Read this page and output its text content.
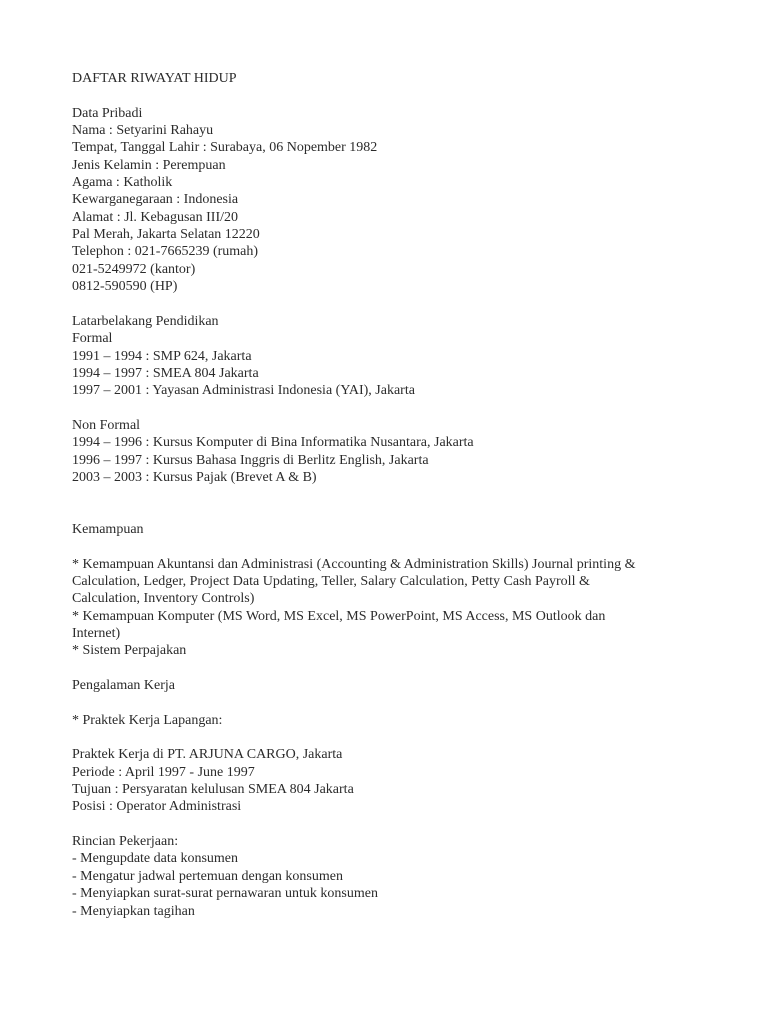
DAFTAR RIWAYAT HIDUP
Data Pribadi
Nama : Setyarini Rahayu
Tempat, Tanggal Lahir : Surabaya, 06 Nopember 1982
Jenis Kelamin : Perempuan
Agama : Katholik
Kewarganegaraan : Indonesia
Alamat : Jl. Kebagusan III/20
Pal Merah, Jakarta Selatan 12220
Telephon : 021-7665239 (rumah)
021-5249972 (kantor)
0812-590590 (HP)
Latarbelakang Pendidikan
Formal
1991 – 1994 : SMP 624, Jakarta
1994 – 1997 : SMEA 804 Jakarta
1997 – 2001 : Yayasan Administrasi Indonesia (YAI), Jakarta
Non Formal
1994 – 1996 : Kursus Komputer di Bina Informatika Nusantara, Jakarta
1996 – 1997 : Kursus Bahasa Inggris di Berlitz English, Jakarta
2003 – 2003 : Kursus Pajak (Brevet A & B)
Kemampuan
* Kemampuan Akuntansi dan Administrasi (Accounting & Administration Skills) Journal printing &
Calculation, Ledger, Project Data Updating, Teller, Salary Calculation, Petty Cash Payroll &
Calculation, Inventory Controls)
* Kemampuan Komputer (MS Word, MS Excel, MS PowerPoint, MS Access, MS Outlook dan
Internet)
* Sistem Perpajakan
Pengalaman Kerja
* Praktek Kerja Lapangan:
Praktek Kerja di PT. ARJUNA CARGO, Jakarta
Periode : April 1997 - June 1997
Tujuan : Persyaratan kelulusan SMEA 804 Jakarta
Posisi : Operator Administrasi
Rincian Pekerjaan:
- Mengupdate data konsumen
- Mengatur jadwal pertemuan dengan konsumen
- Menyiapkan surat-surat pernawaran untuk konsumen
- Menyiapkan tagihan
